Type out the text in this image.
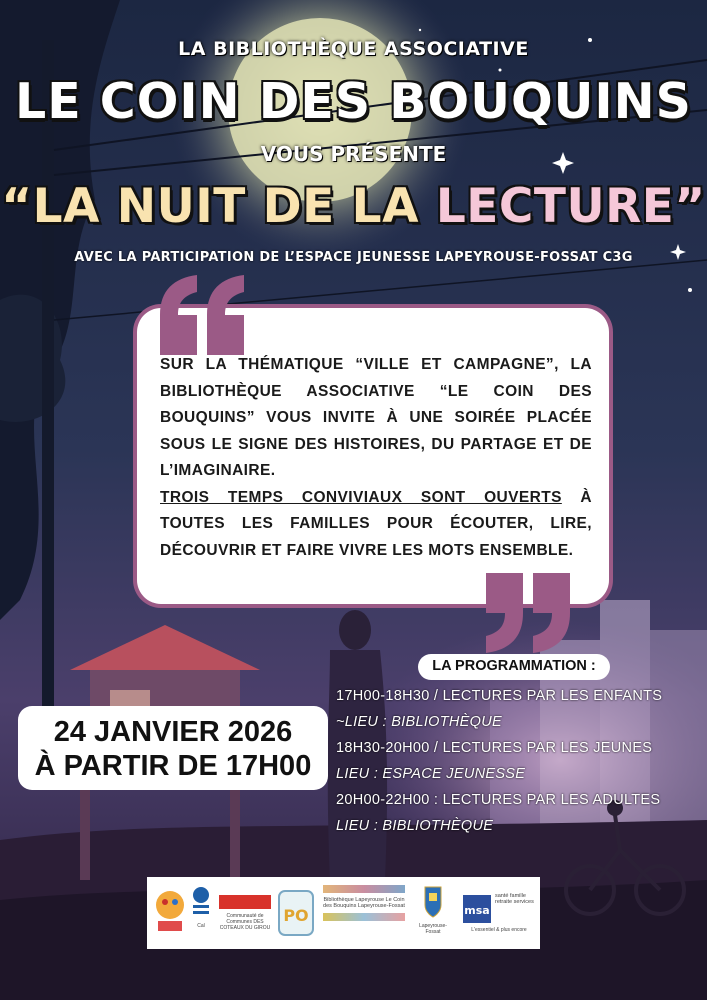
LA BIBLIOTHÈQUE ASSOCIATIVE
LE COIN DES BOUQUINS
VOUS PRÉSENTE
“LA NUIT DE LA LECTURE”
AVEC LA PARTICIPATION DE L’ESPACE JEUNESSE LAPEYROUSE-FOSSAT C3G
SUR LA THÉMATIQUE “VILLE ET CAMPAGNE”, LA BIBLIOTHÈQUE ASSOCIATIVE “LE COIN DES BOUQUINS” VOUS INVITE À UNE SOIRÉE PLACÉE SOUS LE SIGNE DES HISTOIRES, DU PARTAGE ET DE L’IMAGINAIRE.
TROIS TEMPS CONVIVIAUX SONT OUVERTS À TOUTES LES FAMILLES POUR ÉCOUTER, LIRE, DÉCOUVRIR ET FAIRE VIVRE LES MOTS ENSEMBLE.
24 JANVIER 2026
À PARTIR DE 17H00
LA PROGRAMMATION :
17H00-18H30 / LECTURES PAR LES ENFANTS
~LIEU : BIBLIOTHÈQUE
18H30-20H00 / LECTURES PAR LES JEUNES
LIEU : ESPACE JEUNESSE
20H00-22H00 : LECTURES PAR LES ADULTES
LIEU : BIBLIOTHÈQUE
Cal
Communauté de Communes DES COTEAUX DU GIROU
PO
Bibliothèque Lapeyrouse Le Coin des Bouquins Lapeyrouse-Fossat
Lapeyrouse-Fossat
msa
santé famille retraite services
L'essentiel & plus encore
